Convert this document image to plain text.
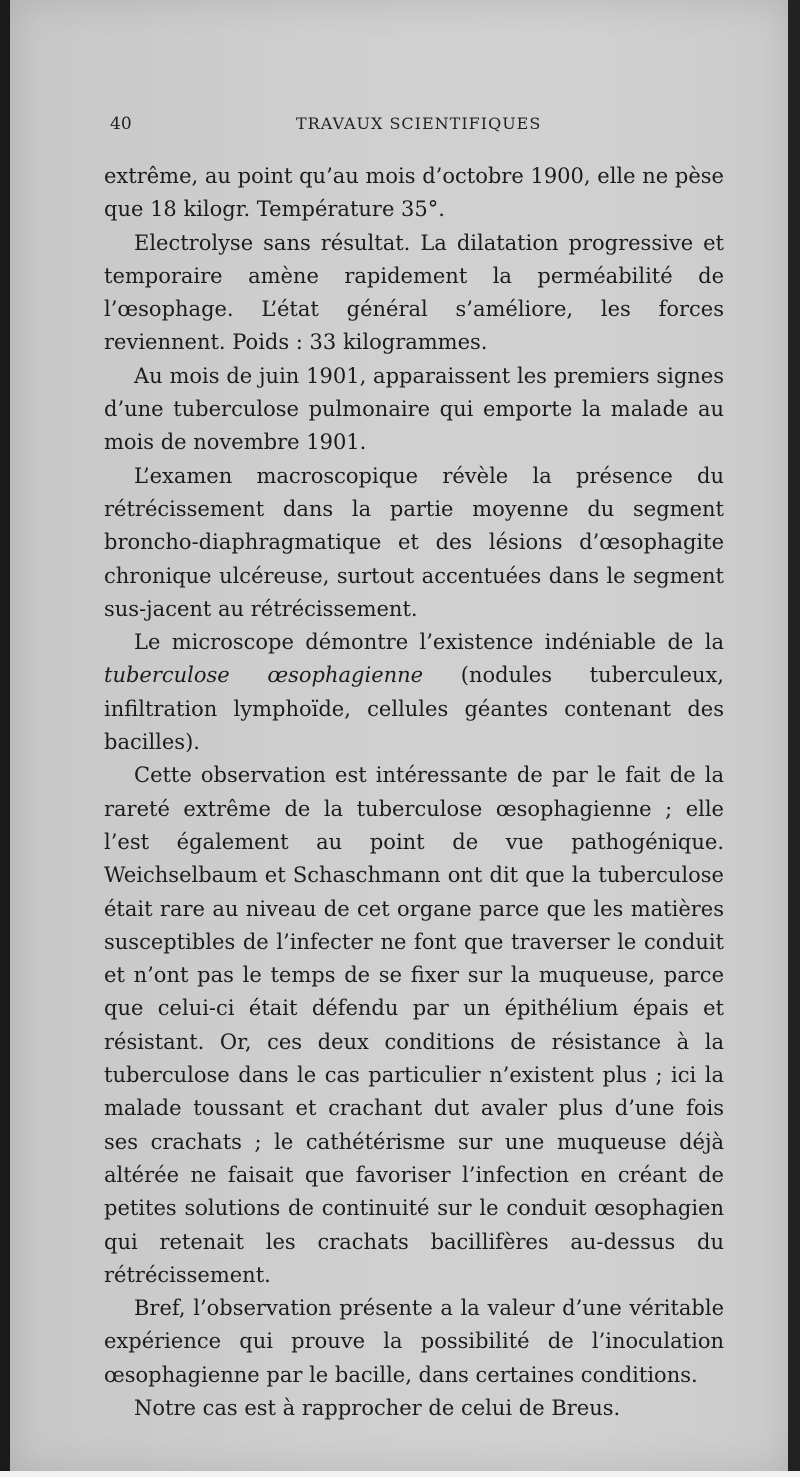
40	TRAVAUX SCIENTIFIQUES

extrême, au point qu’au mois d’octobre 1900, elle ne pèse que 18 kilogr. Température 35°.

Electrolyse sans résultat. La dilatation progressive et temporaire amène rapidement la perméabilité de l’œsophage. L’état général s’améliore, les forces reviennent. Poids : 33 kilogrammes.

Au mois de juin 1901, apparaissent les premiers signes d’une tuberculose pulmonaire qui emporte la malade au mois de novembre 1901.

L’examen macroscopique révèle la présence du rétrécissement dans la partie moyenne du segment broncho-diaphragmatique et des lésions d’œsophagite chronique ulcéreuse, surtout accentuées dans le segment sus-jacent au rétrécissement.

Le microscope démontre l’existence indéniable de la tuberculose œsophagienne (nodules tuberculeux, infiltration lymphoïde, cellules géantes contenant des bacilles).

Cette observation est intéressante de par le fait de la rareté extrême de la tuberculose œsophagienne ; elle l’est également au point de vue pathogénique. Weichselbaum et Schaschmann ont dit que la tuberculose était rare au niveau de cet organe parce que les matières susceptibles de l’infecter ne font que traverser le conduit et n’ont pas le temps de se fixer sur la muqueuse, parce que celui-ci était défendu par un épithélium épais et résistant. Or, ces deux conditions de résistance à la tuberculose dans le cas particulier n’existent plus ; ici la malade toussant et crachant dut avaler plus d’une fois ses crachats ; le cathétérisme sur une muqueuse déjà altérée ne faisait que favoriser l’infection en créant de petites solutions de continuité sur le conduit œsophagien qui retenait les crachats bacillifères au-dessus du rétrécissement.

Bref, l’observation présente a la valeur d’une véritable expérience qui prouve la possibilité de l’inoculation œsophagienne par le bacille, dans certaines conditions.

Notre cas est à rapprocher de celui de Breus.
